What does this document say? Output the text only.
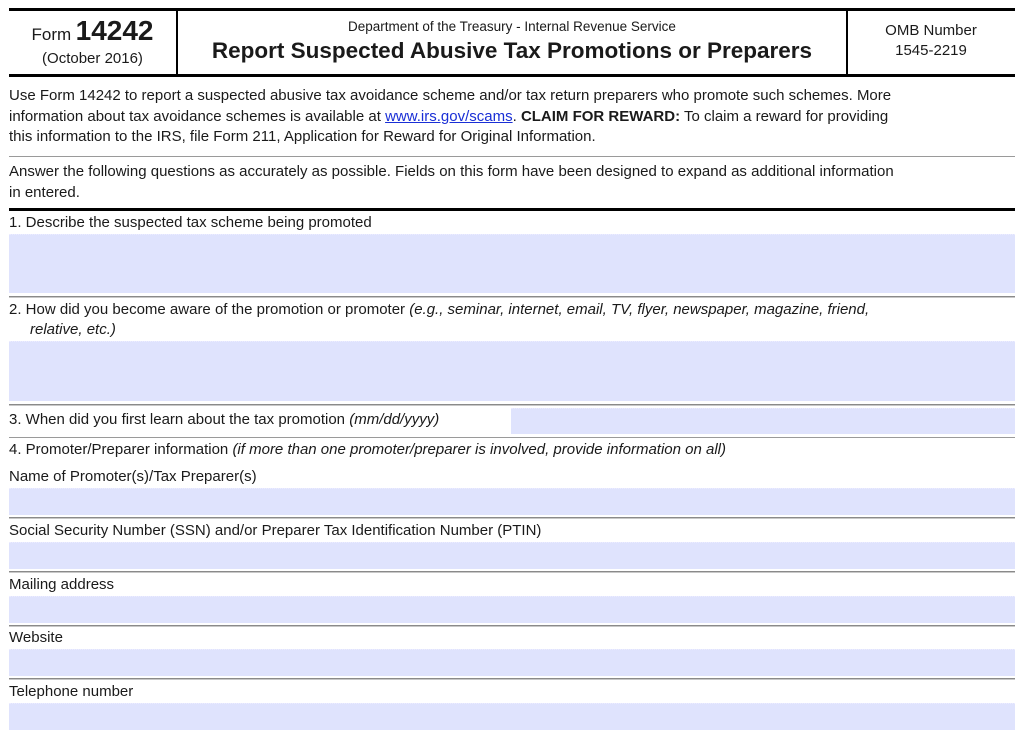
Form 14242
(October 2016)
Department of the Treasury - Internal Revenue Service
Report Suspected Abusive Tax Promotions or Preparers
OMB Number
1545-2219
Use Form 14242 to report a suspected abusive tax avoidance scheme and/or tax return preparers who promote such schemes. More
information about tax avoidance schemes is available at www.irs.gov/scams. CLAIM FOR REWARD: To claim a reward for providing
this information to the IRS, file Form 211, Application for Reward for Original Information.
Answer the following questions as accurately as possible. Fields on this form have been designed to expand as additional information
in entered.
1. Describe the suspected tax scheme being promoted
2. How did you become aware of the promotion or promoter (e.g., seminar, internet, email, TV, flyer, newspaper, magazine, friend,
relative, etc.)
3. When did you first learn about the tax promotion (mm/dd/yyyy)
4. Promoter/Preparer information (if more than one promoter/preparer is involved, provide information on all)
Name of Promoter(s)/Tax Preparer(s)
Social Security Number (SSN) and/or Preparer Tax Identification Number (PTIN)
Mailing address
Website
Telephone number
